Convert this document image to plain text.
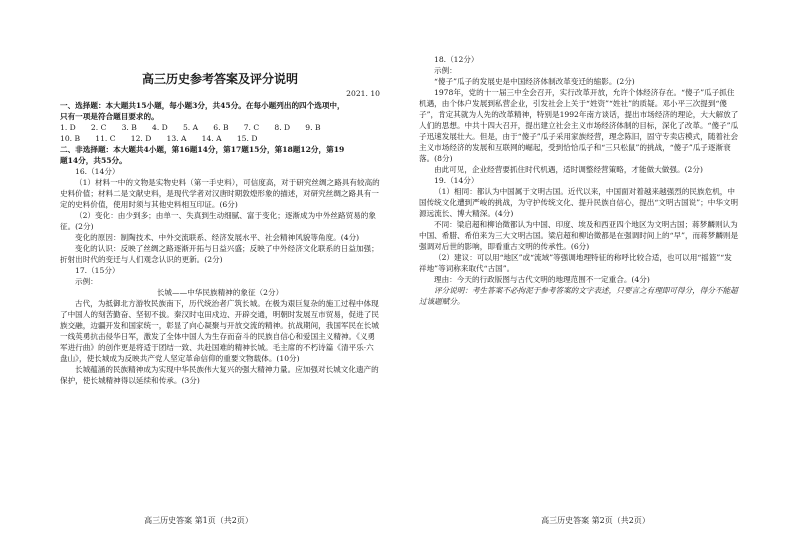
高三历史参考答案及评分说明
2021. 10

一、选择题：本大题共15小题，每小题3分，共45分。在每小题列出的四个选项中，

只有一项是符合题目要求的。

1. D　　2. C　　3. B　　4. D　　5. A　　6. B　　7. C　　8. D　　9. B

10. B　　11. C　　12. D　　13. A　　14. A　　15. D

二、非选择题：本大题共4小题，第16题14分，第17题15分，第18题12分，第19

题14分，共55分。

16.（14分）

（1）材料一中的文物是实物史料（第一手史料），可信度高，对于研究丝绸之路具有较高的史料价值；材料二是文献史料，是现代学者对汉唐时期敦煌形象的描述，对研究丝绸之路具有一定的史料价值，使用时须与其他史料相互印证。(6分)

（2）变化：由少到多；由单一、失真到生动细腻、富于变化；逐渐成为中外丝路贸易的象征。(2分)

变化的原因：制陶技术、中外交流联系、经济发展水平、社会精神风貌等角度。(4分)

变化的认识：反映了丝绸之路逐渐开拓与日益兴盛；反映了中外经济文化联系的日益加强；折射出时代的变迁与人们观念认识的更新。(2分)

17.（15分）

示例：

长城——中华民族精神的象征（2分）

古代，为抵御北方游牧民族南下，历代统治者广筑长城。在极为艰巨复杂的施工过程中体现了中国人的刻苦勤奋、坚韧不拔。秦汉时屯田戍边、开辟交通，明朝时发展互市贸易，促进了民族交融，边疆开发和国家统一，彰显了向心凝聚与开放交流的精神。抗战期间，我国军民在长城一线英勇抗击侵华日军，激发了全体中国人为生存而奋斗的民族自信心和爱国主义精神。《义勇军进行曲》的创作更是将适于团结一致、共赴国难的精神长城。毛主席的不朽诗篇《清平乐·六盘山》，使长城成为反映共产党人坚定革命信仰的重要文物载体。(10分)

长城蕴涵的民族精神成为实现中华民族伟大复兴的强大精神力量。应加强对长城文化遗产的保护，使长城精神得以延续和传承。(3分)

高三历史答案 第1页（共2页）

18.（12分）

示例：

“傻子”瓜子的发展史是中国经济体制改革变迁的缩影。(2分)

1978年，党的十一届三中全会召开，实行改革开放，允许个体经济存在。“傻子”瓜子抓住机遇，由个体户发展到私营企业，引发社会上关于“姓资”“姓社”的质疑。邓小平三次提到“傻子”，肯定其就为人先的改革精神，特别是1992年南方谈话，提出市场经济的理论，大大解放了人们的思想。中共十四大召开，提出建立社会主义市场经济体制的目标，深化了改革。“傻子”瓜子迅速发展壮大。但是，由于“傻子”瓜子采用家族经营，理念陈旧，固守专卖店模式，随着社会主义市场经济的发展和互联网的崛起，受到恰恰瓜子和“三只松鼠”的挑战，“傻子”瓜子逐渐衰落。(8分)

由此可见，企业经营要抓住时代机遇，适时调整经营策略，才能做大做强。(2分)

19.（14分）

（1）相同：都认为中国属于文明古国。近代以来，中国面对着越来越强烈的民族危机，中国传统文化遭到严峻的挑战，为守护传统文化、提升民族自信心，提出“文明古国说”；中华文明源远流长、博大精深。(4分)

不同：梁启超和柳诒徵都认为中国、印度、埃及和西亚四个地区为文明古国；蒋梦麟则认为中国、希腊、希伯来为三大文明古国。梁启超和柳诒徵都是在强调时间上的“早”，而蒋梦麟则是强调对后世的影响，即看重古文明的传承性。(6分)

（2）建议：可以用“地区”或“流域”等强调地理特征的称呼比较合适，也可以用“摇篮”“发祥地”等词称来取代“古国”。

理由：今天的行政版图与古代文明的地理范围不一定重合。(4分)

评分说明：考生答案不必拘泥于参考答案的文字表述，只要言之有理即可得分，得分不能超过该题赋分。

高三历史答案 第2页（共2页）
